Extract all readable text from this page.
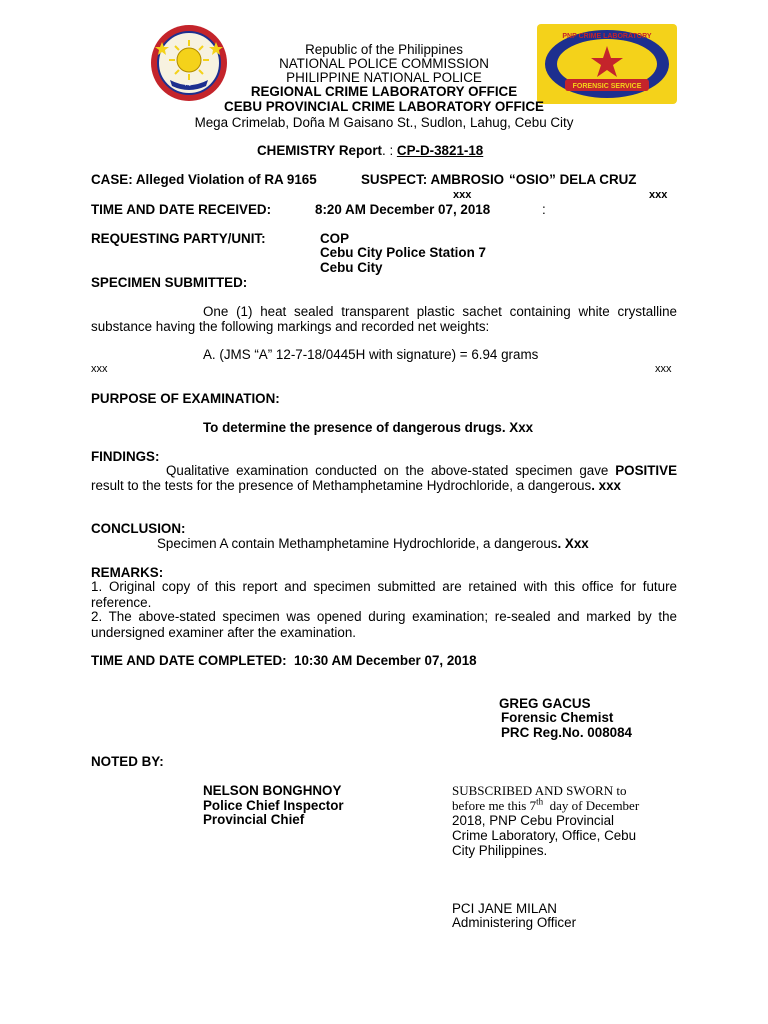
PNP	FORENSIC SERVICE
PNP CRIME LABORATORY
Republic of the Philippines
NATIONAL POLICE COMMISSION
PHILIPPINE NATIONAL POLICE
REGIONAL CRIME LABORATORY OFFICE
CEBU PROVINCIAL CRIME LABORATORY OFFICE
Mega Crimelab, Doña M Gaisano St., Sudlon, Lahug, Cebu City
CHEMISTRY Report. : CP-D-3821-18
CASE: Alleged Violation of RA 9165	SUSPECT: AMBROSIO “OSIO” DELA CRUZ
xxx	xxx
TIME AND DATE RECEIVED:	8:20 AM December 07, 2018	:
REQUESTING PARTY/UNIT:	COP
Cebu City Police Station 7
Cebu City
SPECIMEN SUBMITTED:
One (1) heat sealed transparent plastic sachet containing white crystalline substance having the following markings and recorded net weights:
A. (JMS “A” 12-7-18/0445H with signature) = 6.94 grams
xxx	xxx
PURPOSE OF EXAMINATION:
To determine the presence of dangerous drugs. Xxx
FINDINGS:
Qualitative examination conducted on the above-stated specimen gave POSITIVE result to the tests for the presence of Methamphetamine Hydrochloride, a dangerous. xxx
CONCLUSION:
Specimen A contain Methamphetamine Hydrochloride, a dangerous. Xxx
REMARKS:
1. Original copy of this report and specimen submitted are retained with this office for future reference.
2. The above-stated specimen was opened during examination; re-sealed and marked by the undersigned examiner after the examination.
TIME AND DATE COMPLETED: 10:30 AM December 07, 2018
GREG GACUS
Forensic Chemist
PRC Reg.No. 008084
NOTED BY:
NELSON BONGHNOY
Police Chief Inspector
Provincial Chief
SUBSCRIBED AND SWORN to
before me this 7th  day of December
2018, PNP Cebu Provincial
Crime Laboratory, Office, Cebu
City Philippines.
PCI JANE MILAN
Administering Officer
